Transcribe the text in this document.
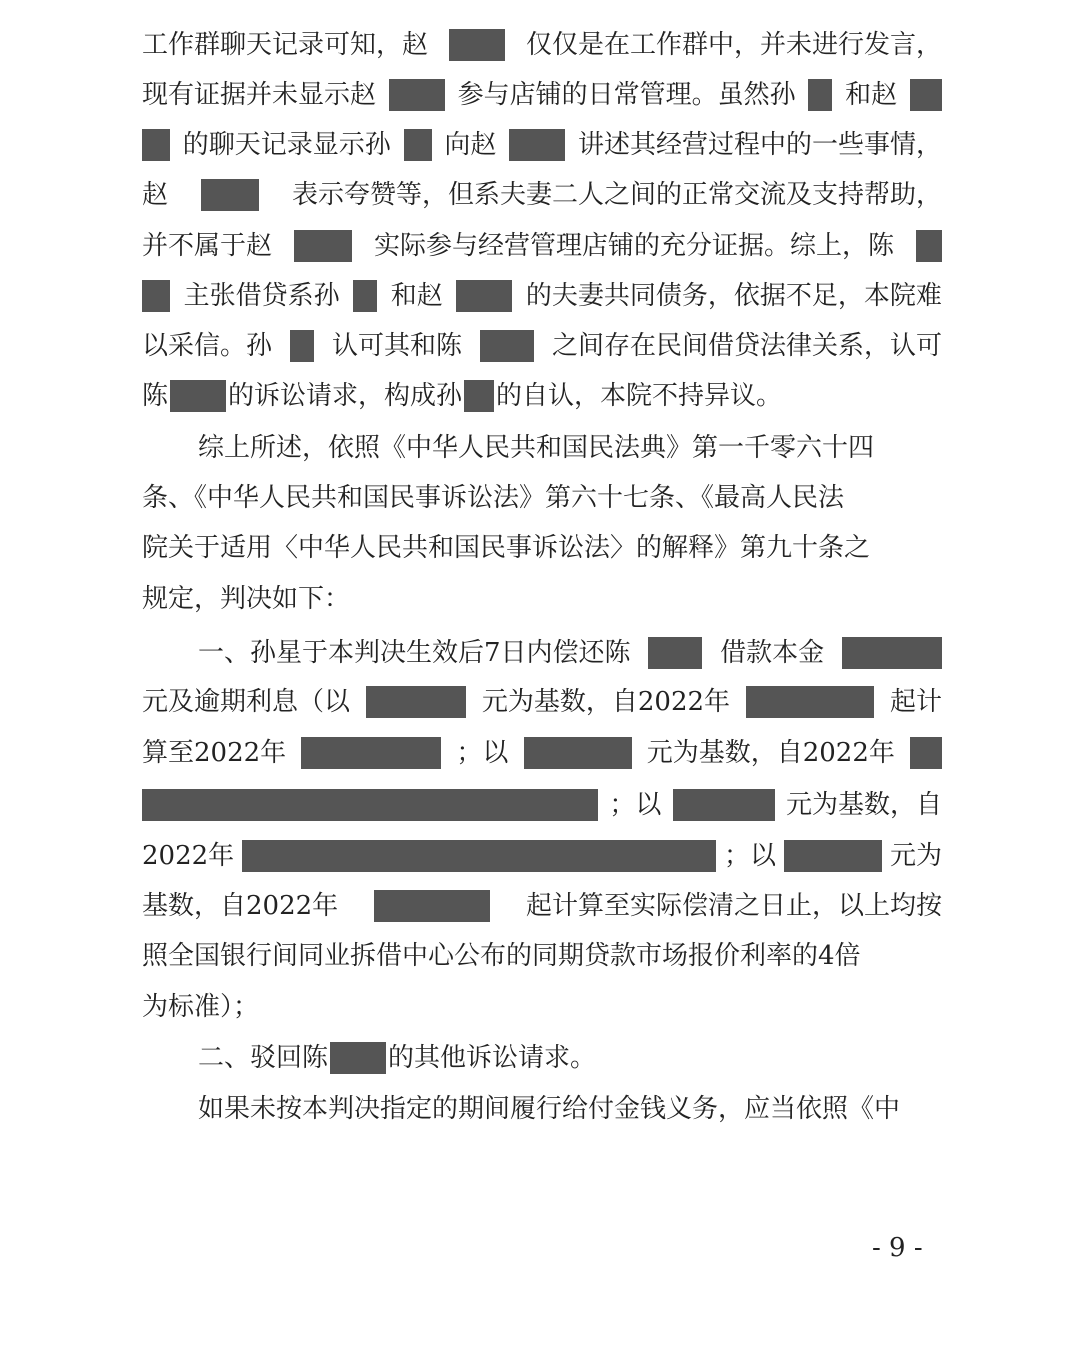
工作群聊天记录可知，赵	仅仅是在工作群中，并未进行发言，
现有证据并未显示赵	参与店铺的日常管理。虽然孙 和赵
的聊天记录显示孙 向赵	讲述其经营过程中的一些事情，
赵	表示夸赞等，但系夫妻二人之间的正常交流及支持帮助，
并不属于赵	实际参与经营管理店铺的充分证据。综上，陈
主张借贷系孙 和赵	的夫妻共同债务，依据不足，本院难
以采信。孙 认可其和陈	之间存在民间借贷法律关系，认可
陈 的诉讼请求，构成孙 的自认，本院不持异议。
综上所述，依照《中华人民共和国民法典》第一千零六十四
条、《中华人民共和国民事诉讼法》第六十七条、《最高人民法
院关于适用〈中华人民共和国民事诉讼法〉的解释》第九十条之
规定，判决如下：
一、孙星于本判决生效后7日内偿还陈	借款本金
元及逾期利息（以	元为基数，自2022年	起计
算至2022年	；以	元为基数，自2022年
；以	元为基数，自
2022年	；以	元为
基数，自2022年	起计算至实际偿清之日止，以上均按
照全国银行间同业拆借中心公布的同期贷款市场报价利率的4倍
为标准）；
二、驳回陈 的其他诉讼请求。
如果未按本判决指定的期间履行给付金钱义务，应当依照《中
- 9 -
